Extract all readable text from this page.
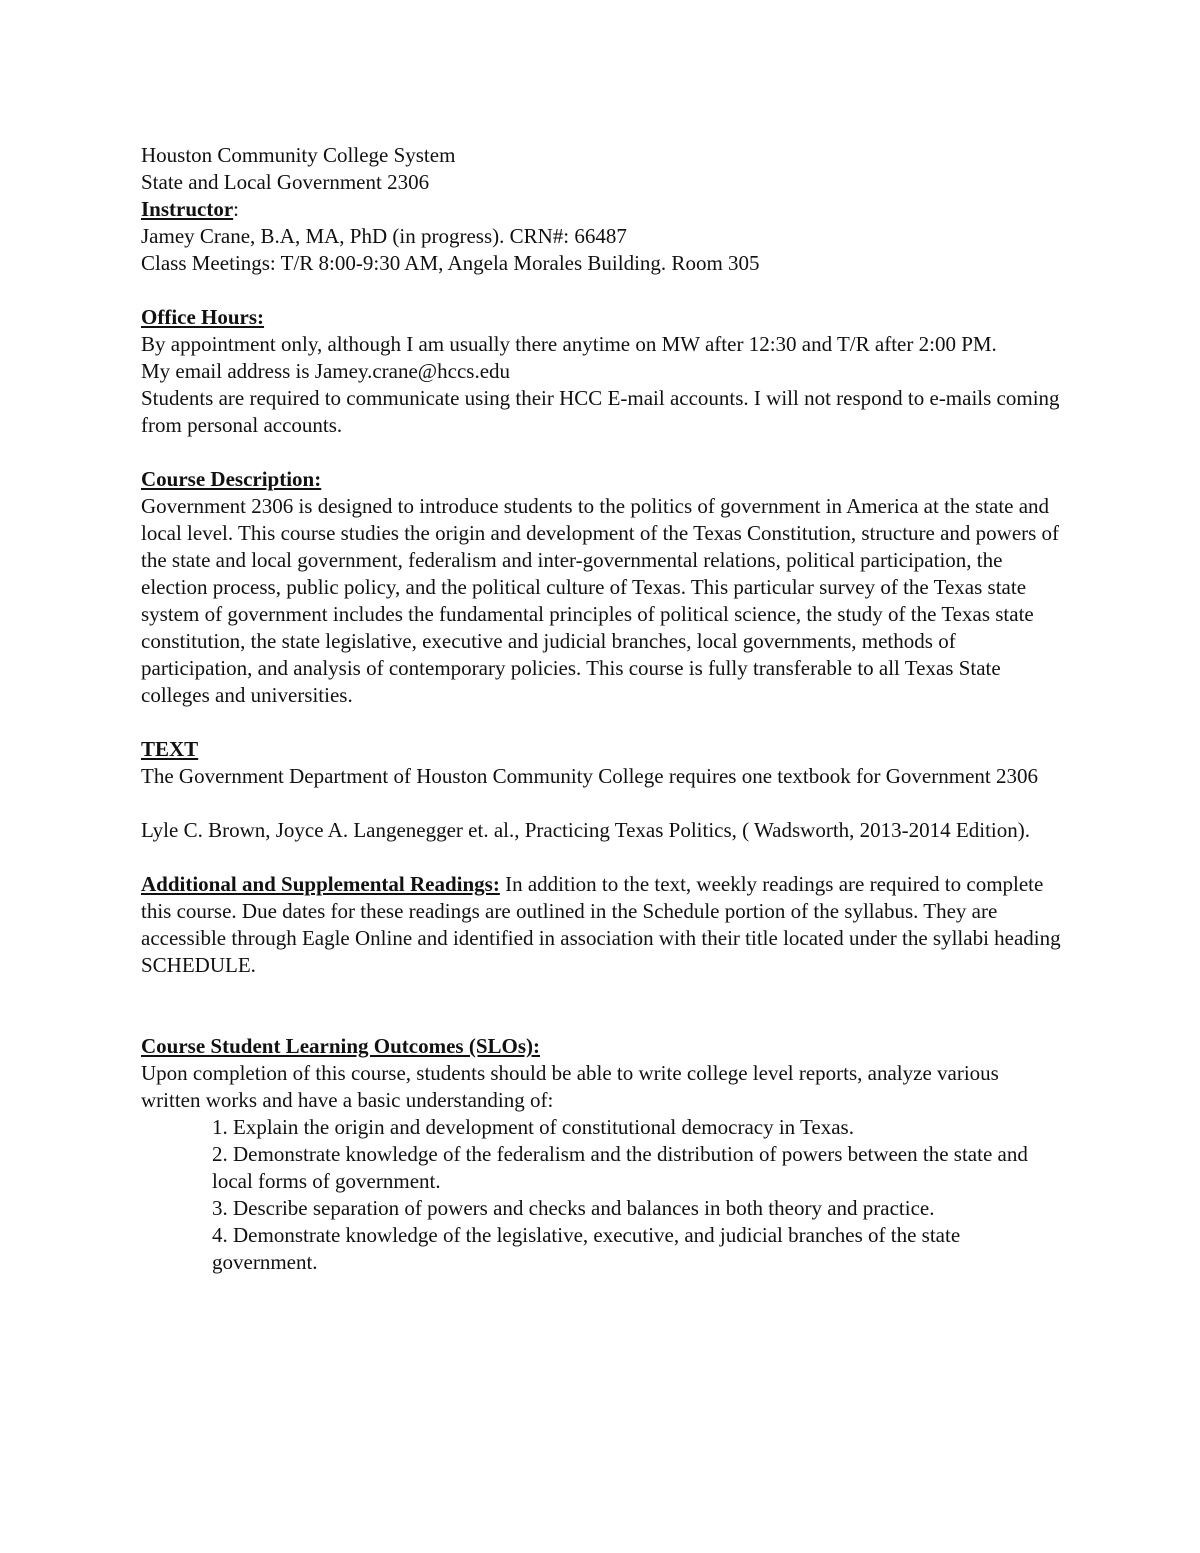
Houston Community College System

State and Local Government 2306

Instructor:

Jamey Crane, B.A, MA, PhD (in progress). CRN#: 66487

Class Meetings: T/R 8:00-9:30 AM, Angela Morales Building. Room 305

Office Hours:

By appointment only, although I am usually there anytime on MW after 12:30 and T/R after 2:00 PM.

My email address is Jamey.crane@hccs.edu

Students are required to communicate using their HCC E-mail accounts. I will not respond to e-mails coming from personal accounts.

Course Description:

Government 2306 is designed to introduce students to the politics of government in America at the state and local level. This course studies the origin and development of the Texas Constitution, structure and powers of the state and local government, federalism and inter-governmental relations, political participation, the election process, public policy, and the political culture of Texas. This particular survey of the Texas state system of government includes the fundamental principles of political science, the study of the Texas state constitution, the state legislative, executive and judicial branches, local governments, methods of participation, and analysis of contemporary policies. This course is fully transferable to all Texas State colleges and universities.

TEXT

The Government Department of Houston Community College requires one textbook for Government 2306

Lyle C. Brown, Joyce A. Langenegger et. al., Practicing Texas Politics, ( Wadsworth, 2013-2014 Edition).

Additional and Supplemental Readings: In addition to the text, weekly readings are required to complete this course. Due dates for these readings are outlined in the Schedule portion of the syllabus. They are accessible through Eagle Online and identified in association with their title located under the syllabi heading SCHEDULE.

Course Student Learning Outcomes (SLOs):

Upon completion of this course, students should be able to write college level reports, analyze various written works and have a basic understanding of:

1. Explain the origin and development of constitutional democracy in Texas.

2. Demonstrate knowledge of the federalism and the distribution of powers between the state and local forms of government.

3. Describe separation of powers and checks and balances in both theory and practice.

4. Demonstrate knowledge of the legislative, executive, and judicial branches of the state government.
